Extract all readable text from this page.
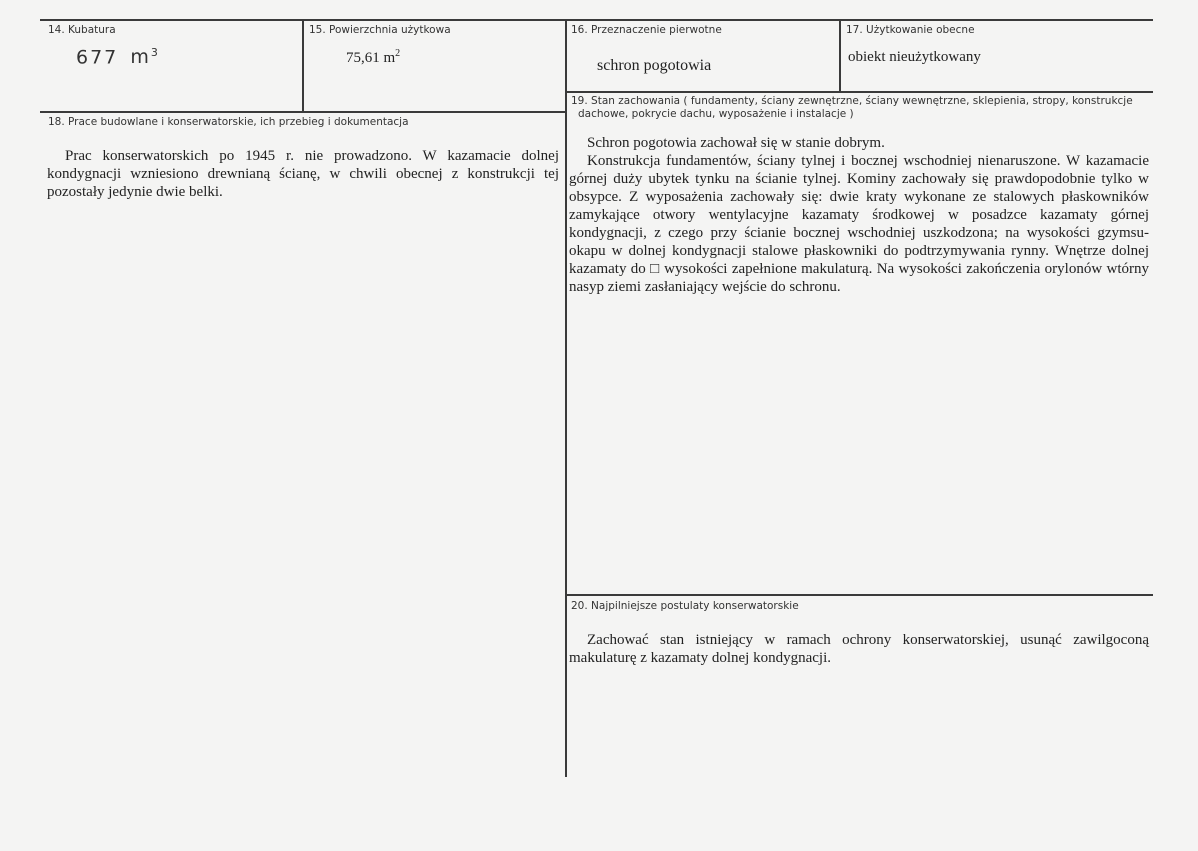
14. Kubatura
677 $m^3$
15. Powierzchnia użytkowa
75,61 $m^2$
16. Przeznaczenie pierwotne
schron pogotowia
17. Użytkowanie obecne
obiekt nieużytkowany
18. Prace budowlane i konserwatorskie, ich przebieg i dokumentacja
Prac konserwatorskich po 1945 r. nie prowadzono. W kazamacie dolnej kondygnacji wzniesiono drewnianą ścianę, w chwili obecnej z konstrukcji tej pozostały jedynie dwie belki.
19. Stan zachowania ( fundamenty, ściany zewnętrzne, ściany wewnętrzne, sklepienia, stropy, konstrukcje
dachowe, pokrycie dachu, wyposażenie i instalacje )

Schron pogotowia zachował się w stanie dobrym.

Konstrukcja fundamentów, ściany tylnej i bocznej wschodniej nienaruszone. W kazamacie górnej duży ubytek tynku na ścianie tylnej. Kominy zachowały się prawdopodobnie tylko w obsypce. Z wyposażenia zachowały się: dwie kraty wykonane ze stalowych płaskowników zamykające otwory wentylacyjne kazamaty środkowej w posadzce kazamaty górnej kondygnacji, z czego przy ścianie bocznej wschodniej uszkodzona; na wysokości gzymsu-okapu w dolnej kondygnacji stalowe płaskowniki do podtrzymywania rynny. Wnętrze dolnej kazamaty do □ wysokości zapełnione makulaturą. Na wysokości zakończenia orylonów wtórny nasyp ziemi zasłaniający wejście do schronu.

20. Najpilniejsze postulaty konserwatorskie
Zachować stan istniejący w ramach ochrony konserwatorskiej, usunąć zawilgoconą makulaturę z kazamaty dolnej kondygnacji.
